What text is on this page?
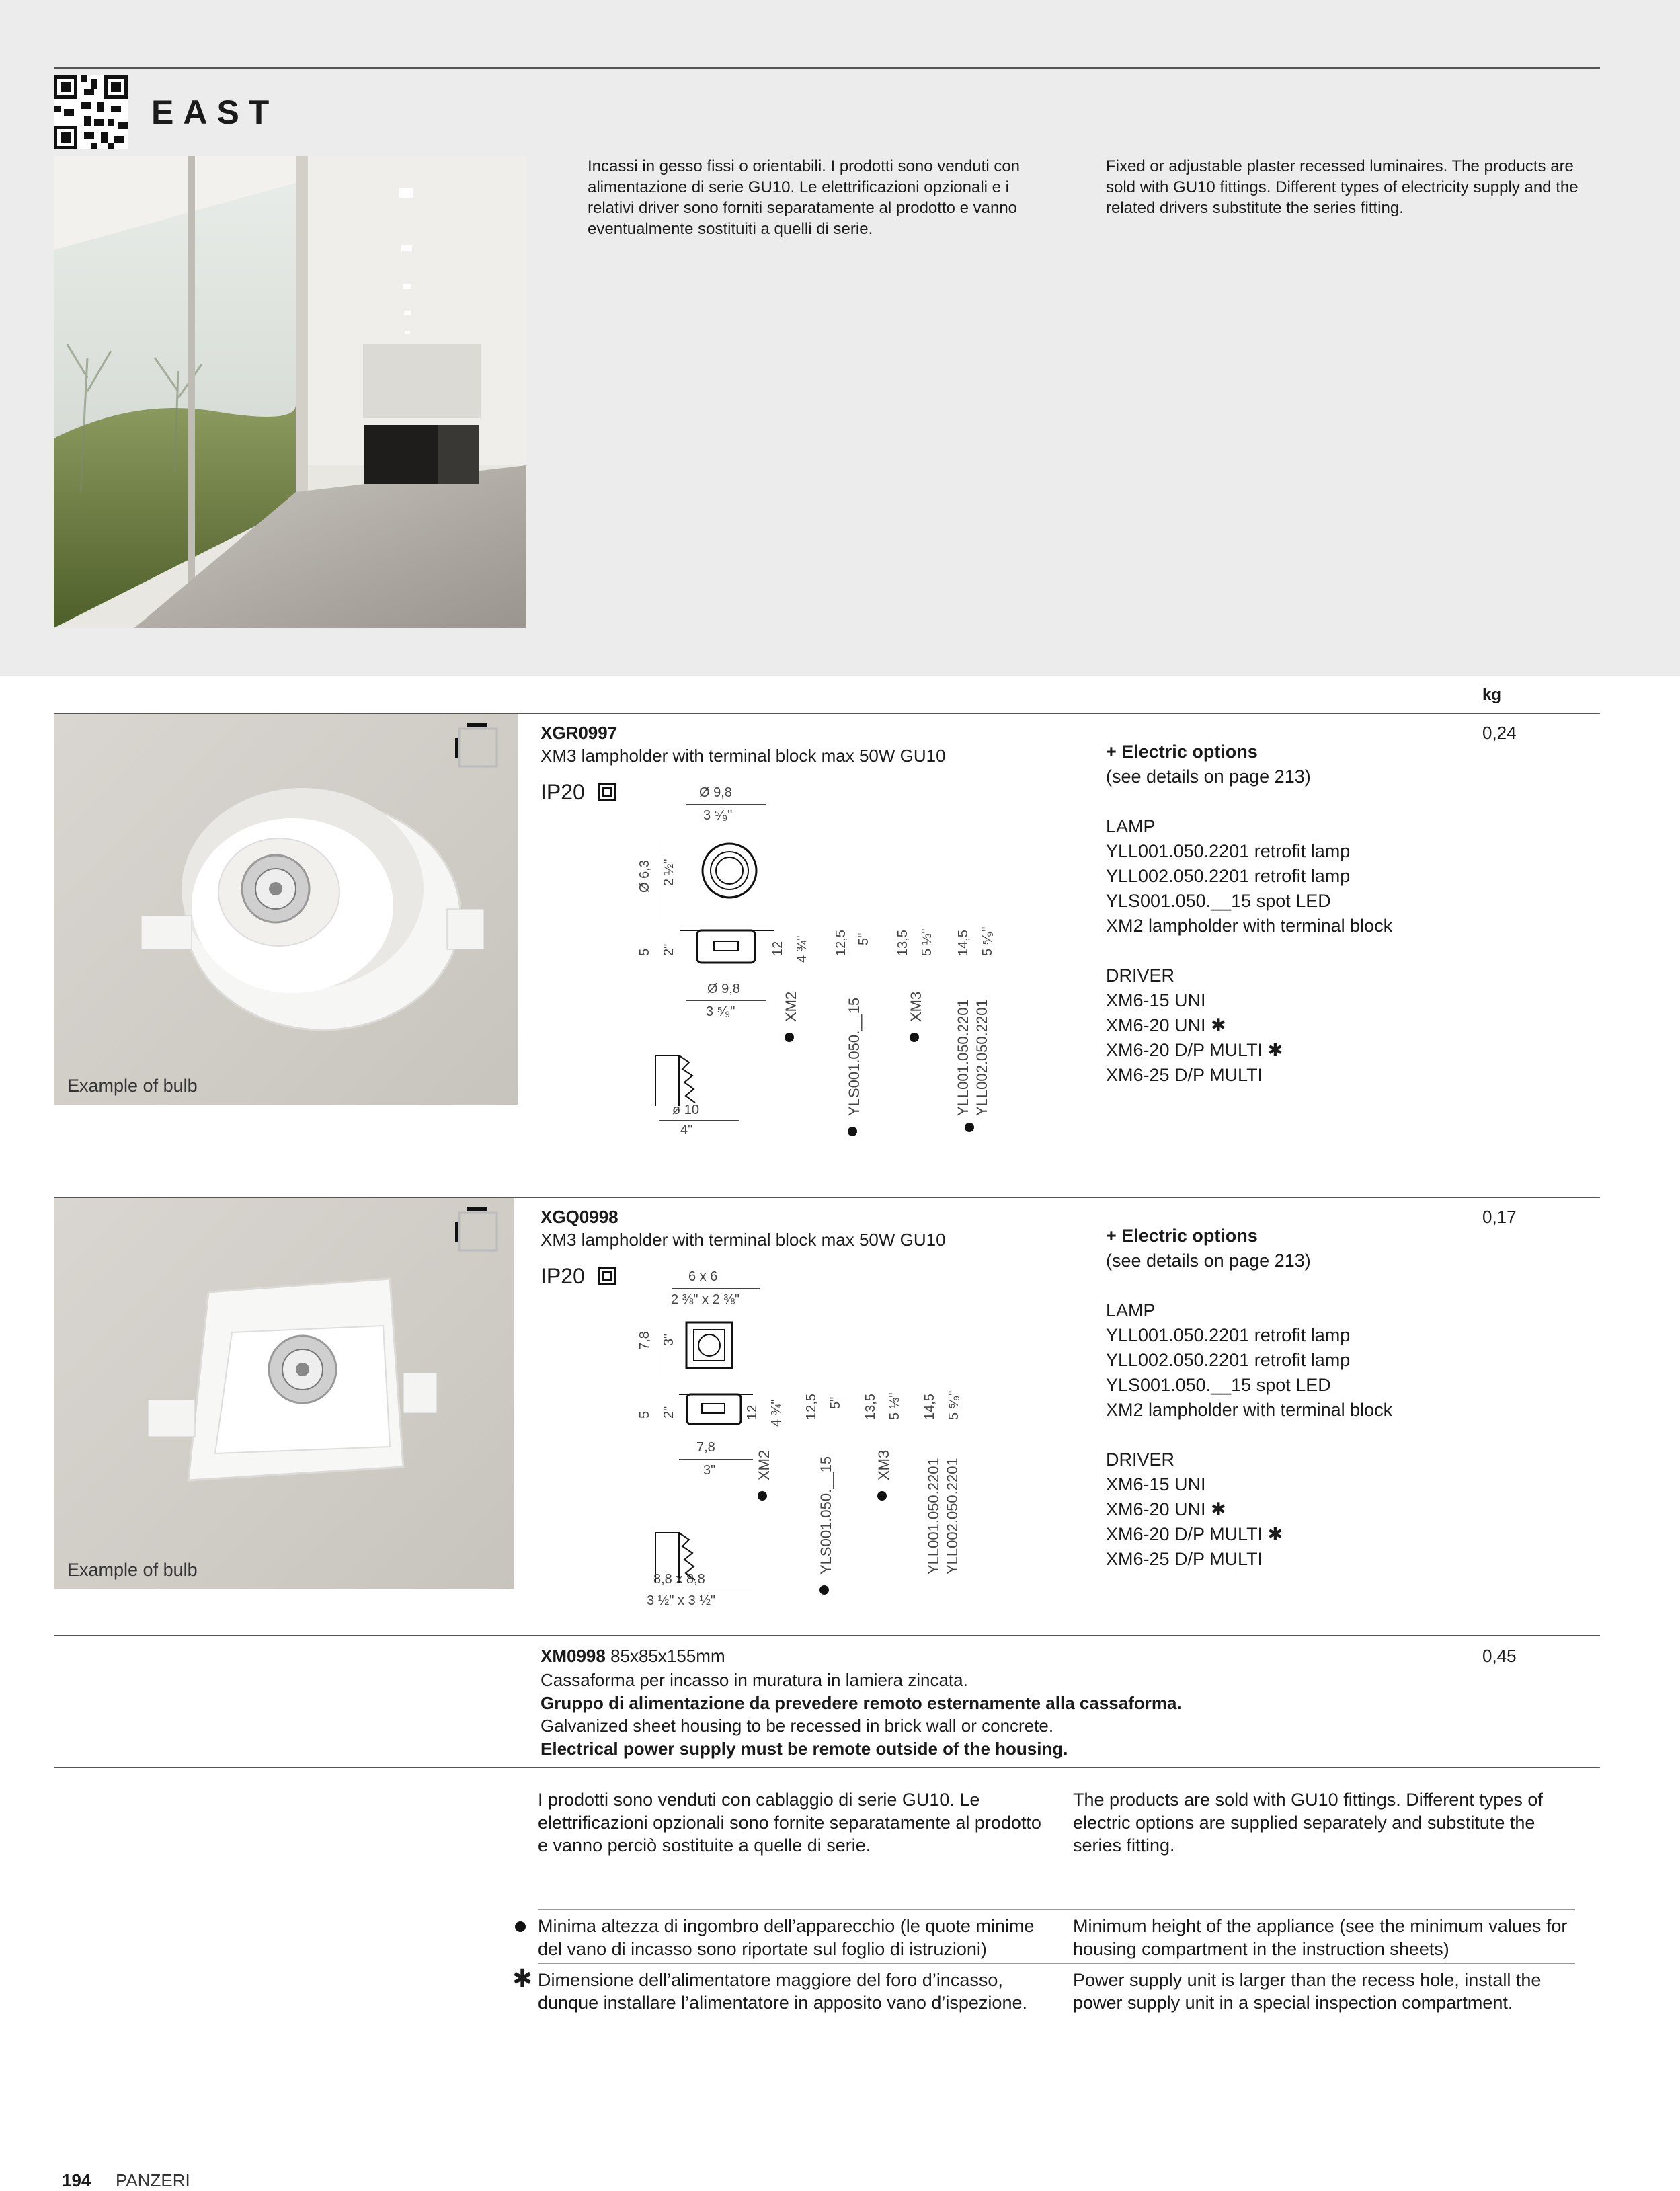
EAST
Incassi in gesso fissi o orientabili. I prodotti sono venduti con alimentazione di serie GU10. Le elettrificazioni opzionali e i relativi driver sono forniti separatamente al prodotto e vanno eventualmente sostituiti a quelli di serie.
Fixed or adjustable plaster recessed luminaires. The products are sold with GU10 fittings. Different types of electricity supply and the related drivers substitute the series fitting.
kg
Example of bulb
XGR0997
XM3 lampholder with terminal block max 50W GU10
IP20	Ø 9,8
3 ⁵⁄₉"
Ø 6,3 2 ½"
5 2"
Ø 9,8
3 ⁵⁄₉"
ø 10
4"
12 4 ¾" 12,5 5" 13,5 5 ⅓" 14,5 5 ⁵⁄₉"
XM2	YLS001.050.__15	XM3 YLL001.050.2201 YLL002.050.2201
+ Electric options
(see details on page 213)
LAMP
YLL001.050.2201 retrofit lamp
YLL002.050.2201 retrofit lamp
YLS001.050.__15 spot LED
XM2 lampholder with terminal block
DRIVER
XM6-15 UNI
XM6-20 UNI ✱
XM6-20 D/P MULTI ✱
XM6-25 D/P MULTI
0,24
Example of bulb
XGQ0998
XM3 lampholder with terminal block max 50W GU10
IP20	6 x 6
2 ⅜" x 2 ⅜"
7,8 3"
5 2"
7,8
3"
8,8 x 8,8
3 ½" x 3 ½"
12 4 ¾" 12,5 5" 13,5 5 ⅓" 14,5 5 ⁵⁄₉"
XM2	YLS001.050.__15	XM3 YLL001.050.2201 YLL002.050.2201
+ Electric options
(see details on page 213)
LAMP
YLL001.050.2201 retrofit lamp
YLL002.050.2201 retrofit lamp
YLS001.050.__15 spot LED
XM2 lampholder with terminal block
DRIVER
XM6-15 UNI
XM6-20 UNI ✱
XM6-20 D/P MULTI ✱
XM6-25 D/P MULTI
0,17
XM0998 85x85x155mm
Cassaforma per incasso in muratura in lamiera zincata.
Gruppo di alimentazione da prevedere remoto esternamente alla cassaforma.
Galvanized sheet housing to be recessed in brick wall or concrete.
Electrical power supply must be remote outside of the housing.
0,45
I prodotti sono venduti con cablaggio di serie GU10. Le elettrificazioni opzionali sono fornite separatamente al prodotto e vanno perciò sostituite a quelle di serie.
The products are sold with GU10 fittings. Different types of electric options are supplied separately and substitute the series fitting.
Minima altezza di ingombro dell’apparecchio (le quote minime del vano di incasso sono riportate sul foglio di istruzioni)
Minimum height of the appliance (see the minimum values for housing compartment in the instruction sheets)
✱ Dimensione dell’alimentatore maggiore del foro d’incasso, dunque installare l’alimentatore in apposito vano d’ispezione.
Power supply unit is larger than the recess hole, install the power supply unit in a special inspection compartment.
194 PANZERI
